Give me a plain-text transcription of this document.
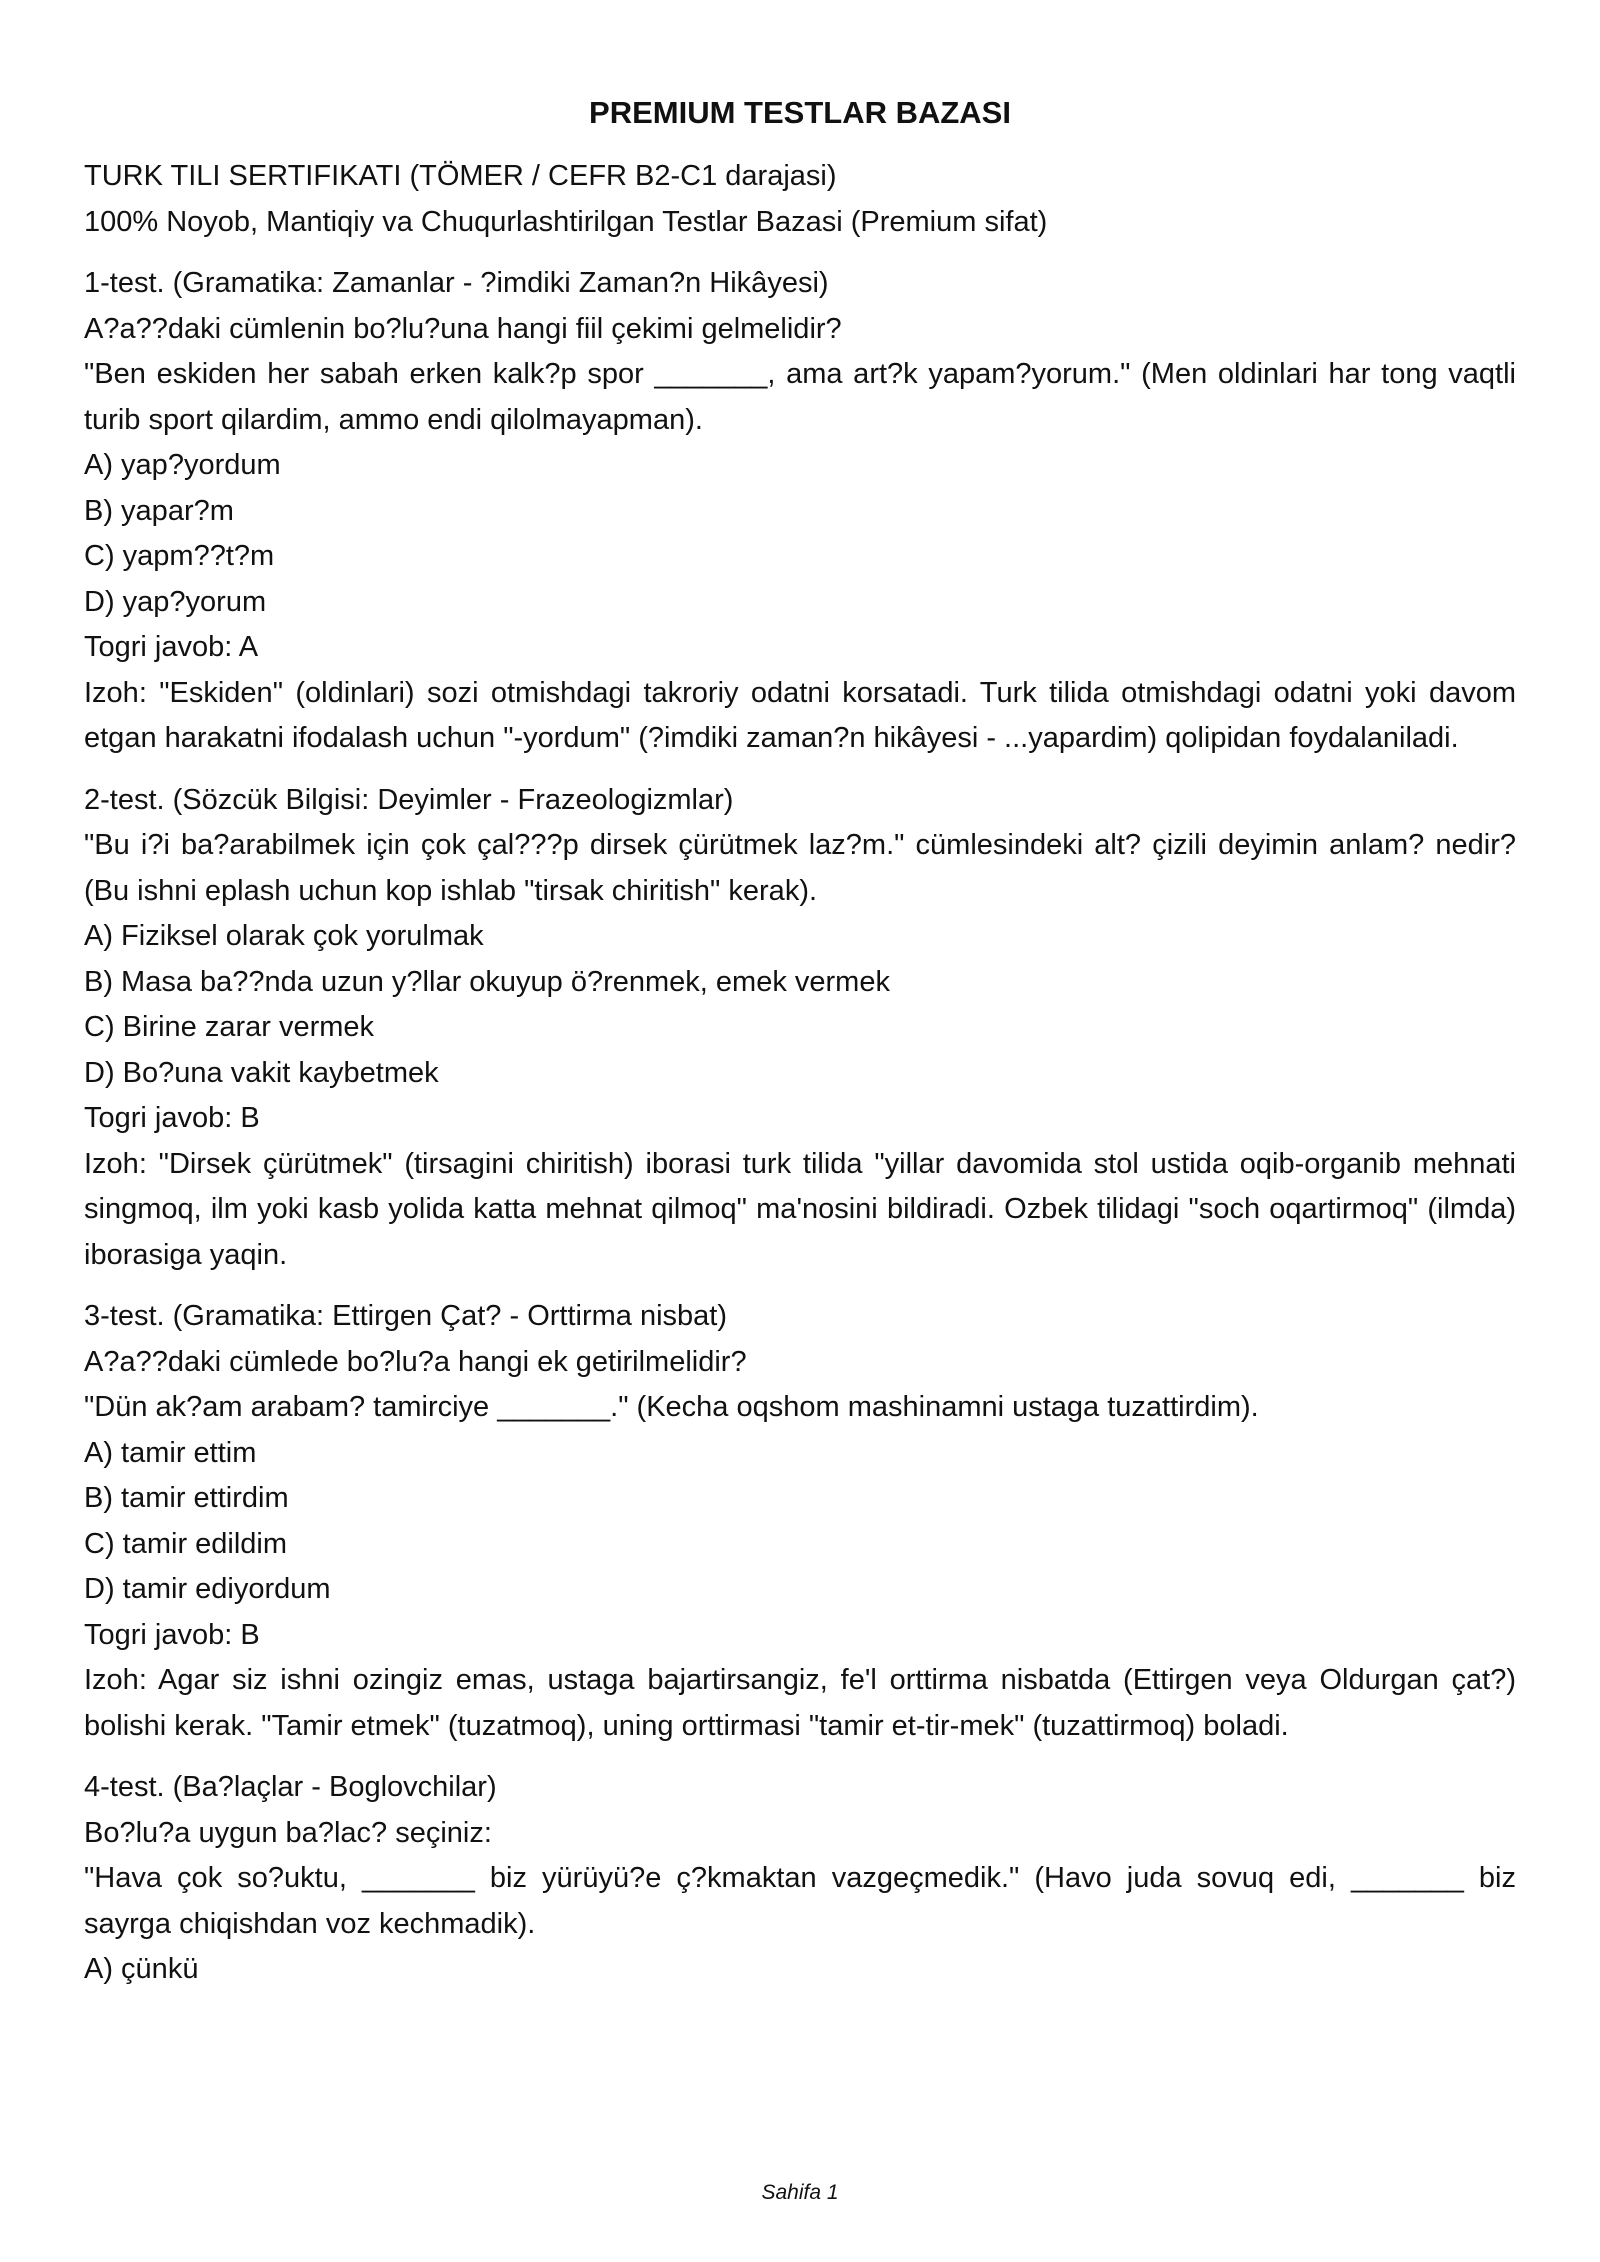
PREMIUM TESTLAR BAZASI

TURK TILI SERTIFIKATI (TÖMER / CEFR B2-C1 darajasi)

100% Noyob, Mantiqiy va Chuqurlashtirilgan Testlar Bazasi (Premium sifat)

1-test. (Gramatika: Zamanlar - ?imdiki Zaman?n Hikâyesi)

A?a??daki cümlenin bo?lu?una hangi fiil çekimi gelmelidir?

"Ben eskiden her sabah erken kalk?p spor _______, ama art?k yapam?yorum." (Men oldinlari har tong vaqtli turib sport qilardim, ammo endi qilolmayapman).

A) yap?yordum

B) yapar?m

C) yapm??t?m

D) yap?yorum

Togri javob: A

Izoh: "Eskiden" (oldinlari) sozi otmishdagi takroriy odatni korsatadi. Turk tilida otmishdagi odatni yoki davom etgan harakatni ifodalash uchun "-yordum" (?imdiki zaman?n hikâyesi - ...yapardim) qolipidan foydalaniladi.

2-test. (Sözcük Bilgisi: Deyimler - Frazeologizmlar)

"Bu i?i ba?arabilmek için çok çal???p dirsek çürütmek laz?m." cümlesindeki alt? çizili deyimin anlam? nedir? (Bu ishni eplash uchun kop ishlab "tirsak chiritish" kerak).

A) Fiziksel olarak çok yorulmak

B) Masa ba??nda uzun y?llar okuyup ö?renmek, emek vermek

C) Birine zarar vermek

D) Bo?una vakit kaybetmek

Togri javob: B

Izoh: "Dirsek çürütmek" (tirsagini chiritish) iborasi turk tilida "yillar davomida stol ustida oqib-organib mehnati singmoq, ilm yoki kasb yolida katta mehnat qilmoq" ma'nosini bildiradi. Ozbek tilidagi "soch oqartirmoq" (ilmda) iborasiga yaqin.

3-test. (Gramatika: Ettirgen Çat? - Orttirma nisbat)

A?a??daki cümlede bo?lu?a hangi ek getirilmelidir?

"Dün ak?am arabam? tamirciye _______." (Kecha oqshom mashinamni ustaga tuzattirdim).

A) tamir ettim

B) tamir ettirdim

C) tamir edildim

D) tamir ediyordum

Togri javob: B

Izoh: Agar siz ishni ozingiz emas, ustaga bajartirsangiz, fe'l orttirma nisbatda (Ettirgen veya Oldurgan çat?) bolishi kerak. "Tamir etmek" (tuzatmoq), uning orttirmasi "tamir et-tir-mek" (tuzattirmoq) boladi.

4-test. (Ba?laçlar - Boglovchilar)

Bo?lu?a uygun ba?lac? seçiniz:

"Hava çok so?uktu, _______ biz yürüyü?e ç?kmaktan vazgeçmedik." (Havo juda sovuq edi, _______ biz sayrga chiqishdan voz kechmadik).

A) çünkü

Sahifa 1
